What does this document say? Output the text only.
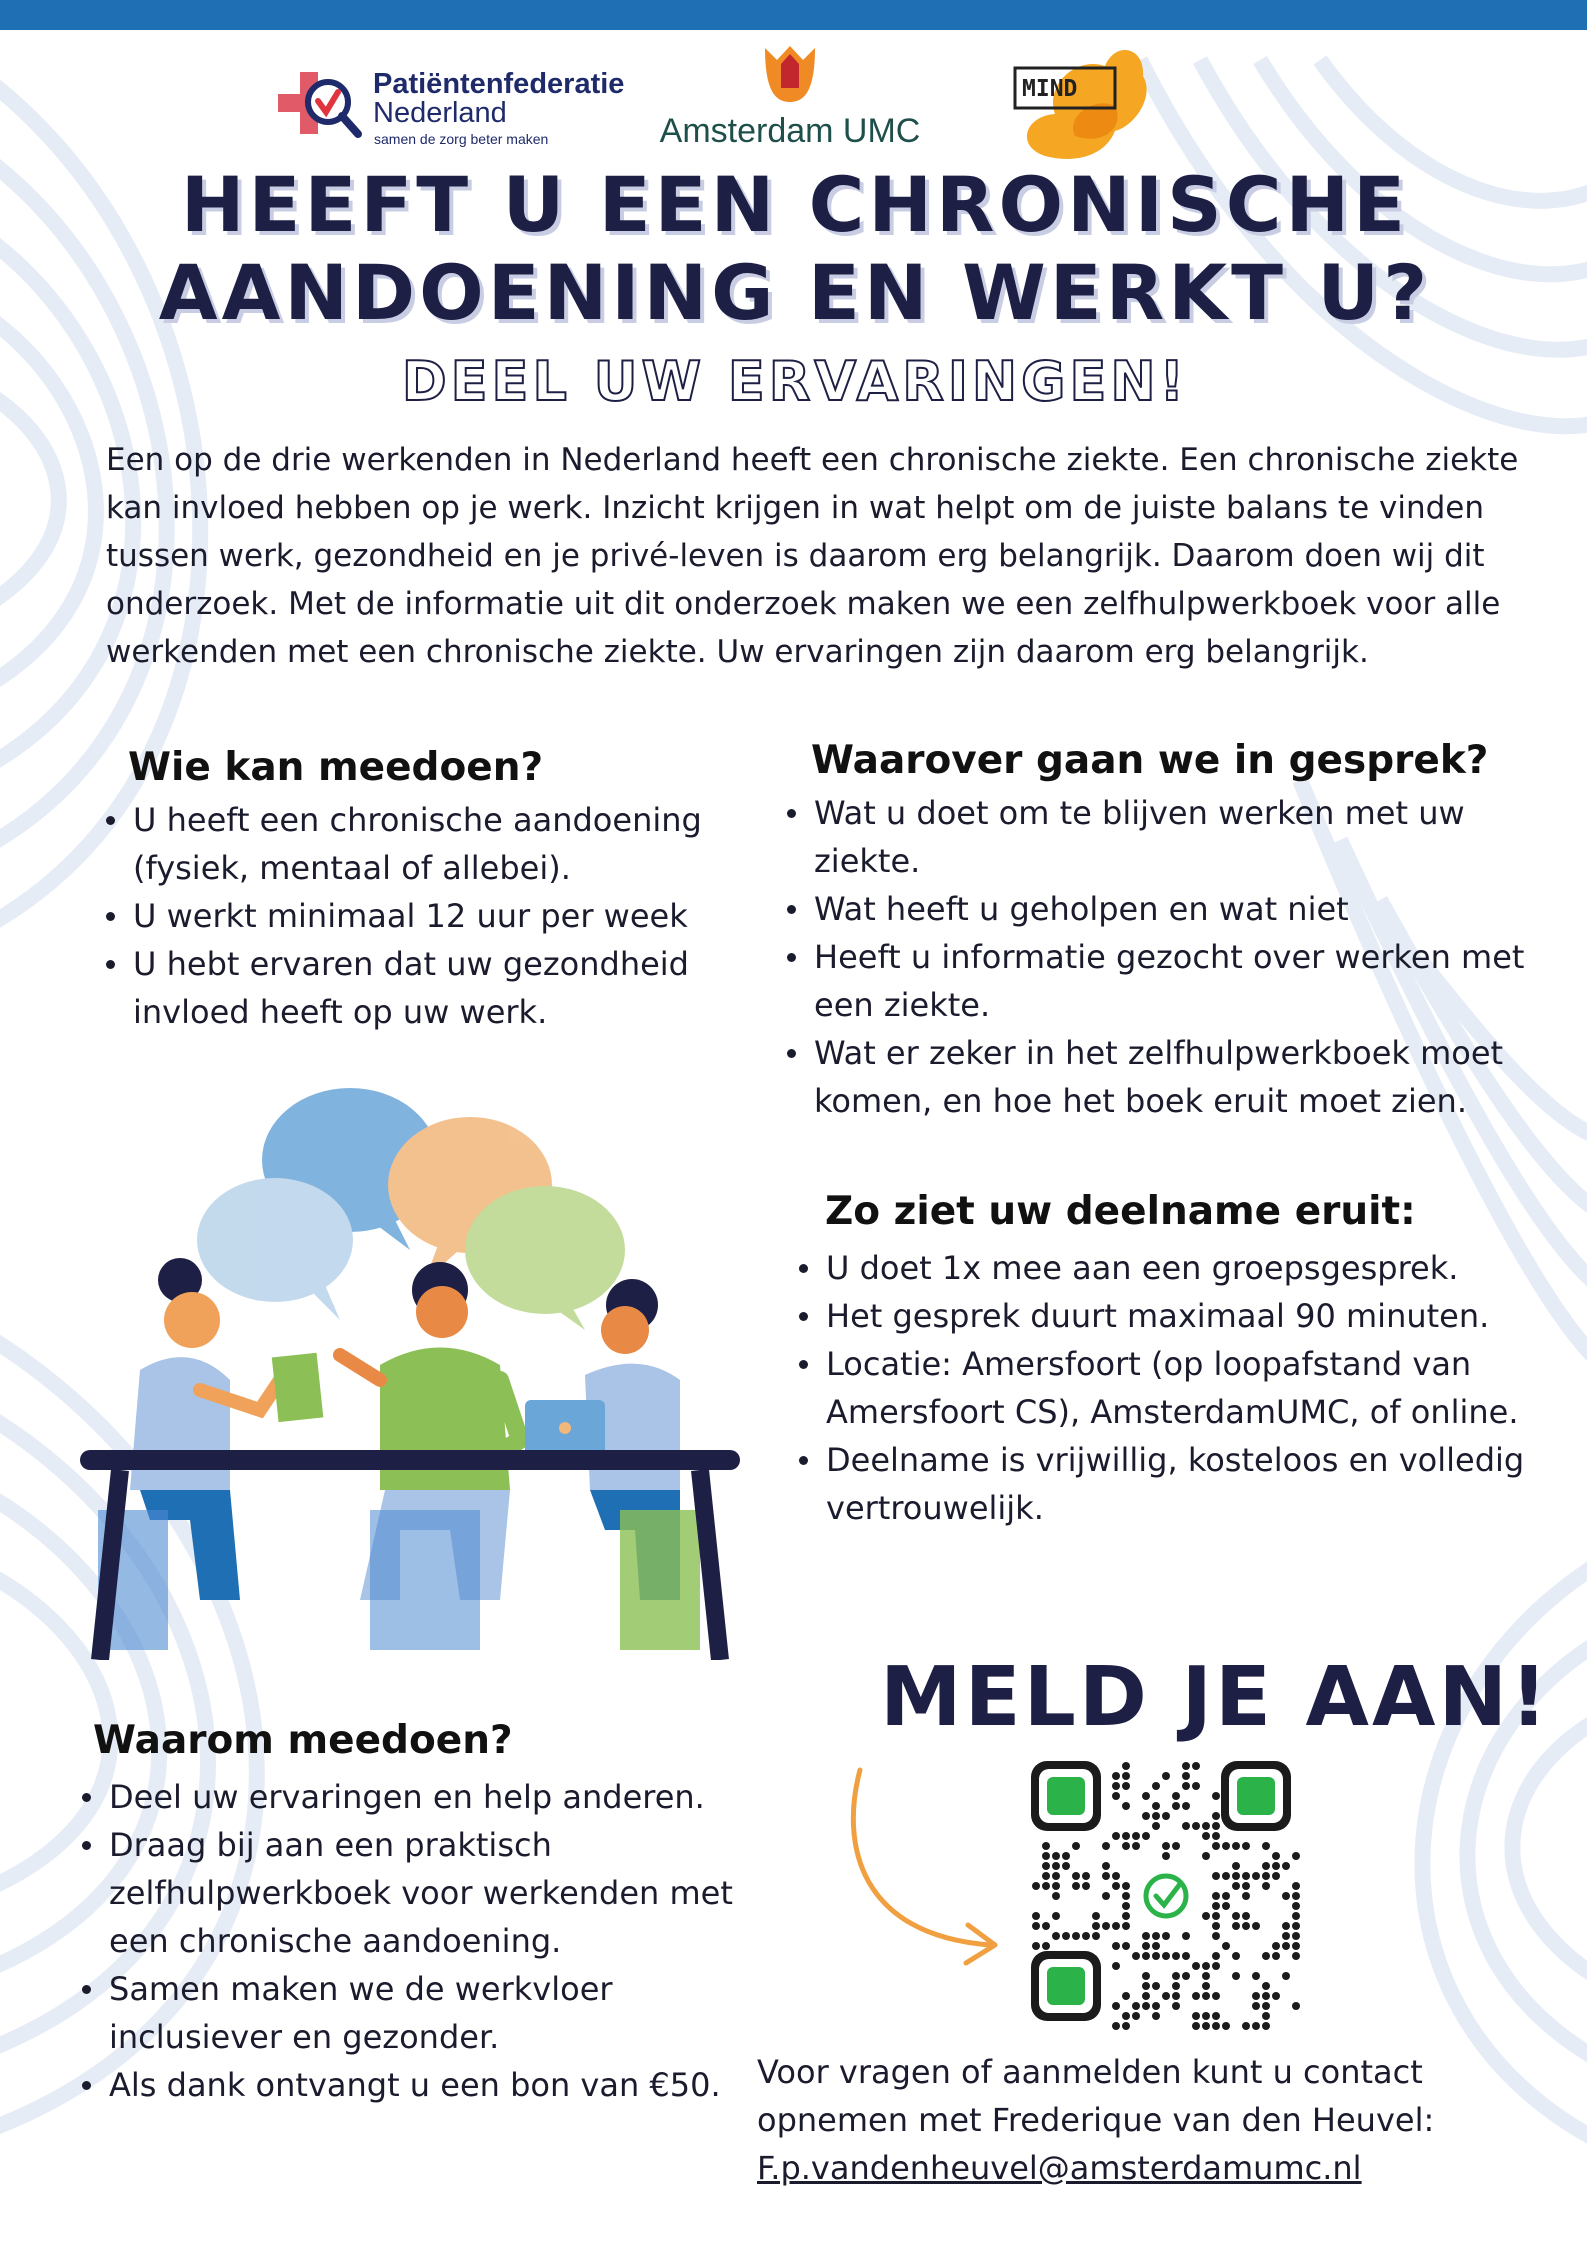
Patiëntenfederatie
Nederland
samen de zorg beter maken	Amsterdam UMC
MIND
HEEFT U EEN CHRONISCHE
AANDOENING EN WERKT U?
DEEL UW ERVARINGEN!
Een op de drie werkenden in Nederland heeft een chronische ziekte. Een chronische ziekte kan invloed hebben op je werk. Inzicht krijgen in wat helpt om de juiste balans te vinden tussen werk, gezondheid en je privé-leven is daarom erg belangrijk. Daarom doen wij dit onderzoek. Met de informatie uit dit onderzoek maken we een zelfhulpwerkboek voor alle werkenden met een chronische ziekte. Uw ervaringen zijn daarom erg belangrijk.
Wie kan meedoen?
U heeft een chronische aandoening (fysiek, mentaal of allebei).
U werkt minimaal 12 uur per week
U hebt ervaren dat uw gezondheid invloed heeft op uw werk.
Waarover gaan we in gesprek?
Wat u doet om te blijven werken met uw ziekte.
Wat heeft u geholpen en wat niet
Heeft u informatie gezocht over werken met een ziekte.
Wat er zeker in het zelfhulpwerkboek moet komen, en hoe het boek eruit moet zien.
Zo ziet uw deelname eruit:
U doet 1x mee aan een groepsgesprek.
Het gesprek duurt maximaal 90 minuten.
Locatie: Amersfoort (op loopafstand van Amersfoort CS), AmsterdamUMC, of online.
Deelname is vrijwillig, kosteloos en volledig vertrouwelijk.
MELD JE AAN!
Waarom meedoen?
Deel uw ervaringen en help anderen.
Draag bij aan een praktisch zelfhulpwerkboek voor werkenden met een chronische aandoening.
Samen maken we de werkvloer inclusiever en gezonder.
Als dank ontvangt u een bon van €50.	Voor vragen of aanmelden kunt u contact opnemen met Frederique van den Heuvel:
F.p.vandenheuvel@amsterdamumc.nl
